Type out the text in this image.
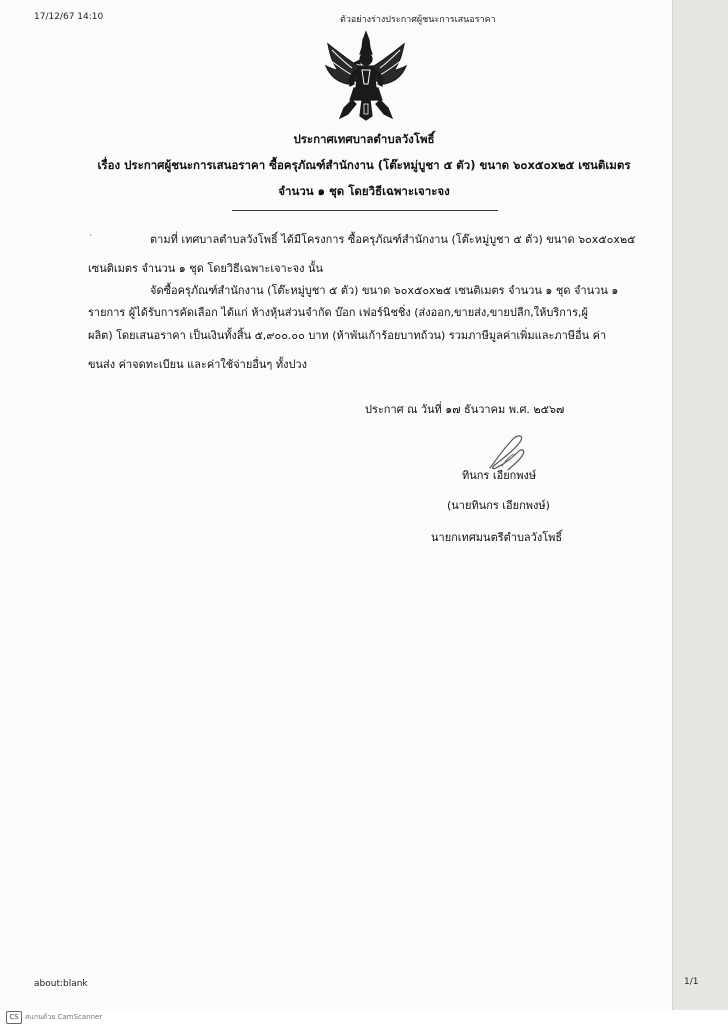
17/12/67 14:10	ตัวอย่างร่างประกาศผู้ชนะการเสนอราคา
ประกาศเทศบาลตำบลวังโพธิ์
เรื่อง ประกาศผู้ชนะการเสนอราคา ซื้อครุภัณฑ์สำนักงาน (โต๊ะหมู่บูชา ๕ ตัว) ขนาด ๖๐x๕๐x๒๕ เซนติเมตร
จำนวน ๑ ชุด โดยวิธีเฉพาะเจาะจง
·	ตามที่ เทศบาลตำบลวังโพธิ์ ได้มีโครงการ ซื้อครุภัณฑ์สำนักงาน (โต๊ะหมู่บูชา ๕ ตัว) ขนาด ๖๐x๕๐x๒๕
เซนติเมตร จำนวน ๑ ชุด โดยวิธีเฉพาะเจาะจง นั้น
จัดซื้อครุภัณฑ์สำนักงาน (โต๊ะหมู่บูชา ๕ ตัว) ขนาด ๖๐x๕๐x๒๕ เซนติเมตร จำนวน ๑ ชุด จำนวน ๑
รายการ ผู้ได้รับการคัดเลือก ได้แก่ ห้างหุ้นส่วนจำกัด บ๊อก เฟอร์นิชชิ่ง (ส่งออก,ขายส่ง,ขายปลีก,ให้บริการ,ผู้
ผลิต) โดยเสนอราคา เป็นเงินทั้งสิ้น ๕,๙๐๐.๐๐ บาท (ห้าพันเก้าร้อยบาทถ้วน) รวมภาษีมูลค่าเพิ่มและภาษีอื่น ค่า
ขนส่ง ค่าจดทะเบียน และค่าใช้จ่ายอื่นๆ ทั้งปวง
ประกาศ ณ วันที่ ๑๗ ธันวาคม พ.ศ. ๒๕๖๗
ทินกร เอียกพงษ์
(นายทินกร เอียกพงษ์)
นายกเทศมนตรีตำบลวังโพธิ์
about:blank	1/1
CS สแกนด้วย CamScanner
